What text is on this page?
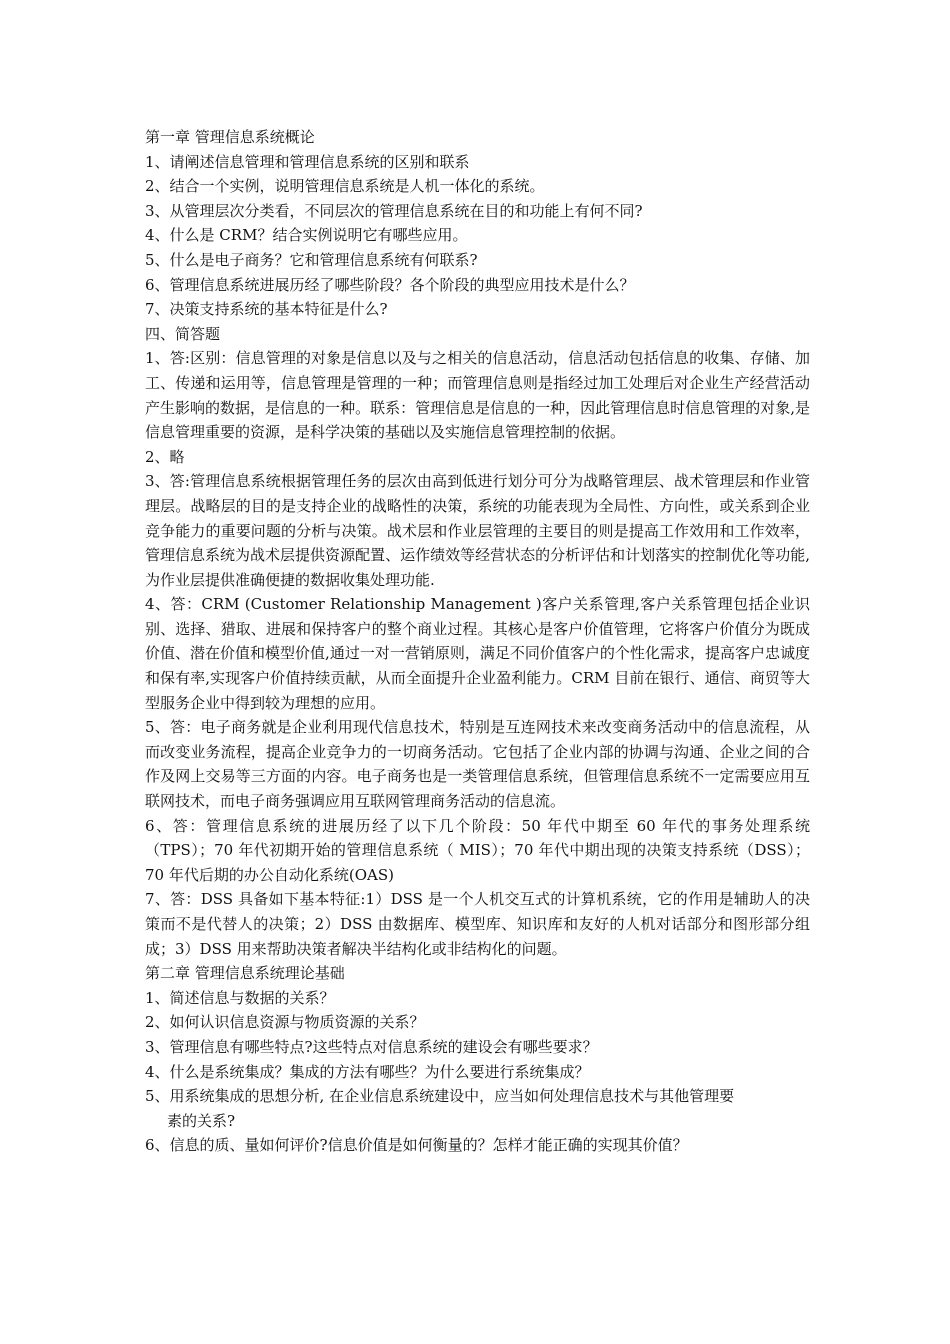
第一章 管理信息系统概论

1、请阐述信息管理和管理信息系统的区别和联系

2、结合一个实例，说明管理信息系统是人机一体化的系统。

3、从管理层次分类看，不同层次的管理信息系统在目的和功能上有何不同?

4、什么是 CRM？结合实例说明它有哪些应用。

5、什么是电子商务？它和管理信息系统有何联系?

6、管理信息系统进展历经了哪些阶段？各个阶段的典型应用技术是什么？

7、决策支持系统的基本特征是什么?

四、简答题

1、答:区别：信息管理的对象是信息以及与之相关的信息活动，信息活动包括信息的收集、存储、加工、传递和运用等，信息管理是管理的一种；而管理信息则是指经过加工处理后对企业生产经营活动产生影响的数据，是信息的一种。联系：管理信息是信息的一种，因此管理信息时信息管理的对象,是信息管理重要的资源，是科学决策的基础以及实施信息管理控制的依据。

2、略

3、答:管理信息系统根据管理任务的层次由高到低进行划分可分为战略管理层、战术管理层和作业管理层。战略层的目的是支持企业的战略性的决策，系统的功能表现为全局性、方向性，或关系到企业竞争能力的重要问题的分析与决策。战术层和作业层管理的主要目的则是提高工作效用和工作效率，管理信息系统为战术层提供资源配置、运作绩效等经营状态的分析评估和计划落实的控制优化等功能,为作业层提供准确便捷的数据收集处理功能.

4、答：CRM (Customer Relationship Management )客户关系管理,客户关系管理包括企业识别、选择、猎取、进展和保持客户的整个商业过程。其核心是客户价值管理，它将客户价值分为既成价值、潜在价值和模型价值,通过一对一营销原则，满足不同价值客户的个性化需求，提高客户忠诚度和保有率,实现客户价值持续贡献，从而全面提升企业盈利能力。CRM 目前在银行、通信、商贸等大型服务企业中得到较为理想的应用。

5、答：电子商务就是企业利用现代信息技术，特别是互连网技术来改变商务活动中的信息流程，从而改变业务流程，提高企业竞争力的一切商务活动。它包括了企业内部的协调与沟通、企业之间的合作及网上交易等三方面的内容。电子商务也是一类管理信息系统，但管理信息系统不一定需要应用互联网技术，而电子商务强调应用互联网管理商务活动的信息流。

6、答：管理信息系统的进展历经了以下几个阶段：50 年代中期至 60 年代的事务处理系统（TPS）；70 年代初期开始的管理信息系统（ MIS）；70 年代中期出现的决策支持系统（DSS）；70 年代后期的办公自动化系统(OAS)

7、答：DSS 具备如下基本特征:1）DSS 是一个人机交互式的计算机系统，它的作用是辅助人的决策而不是代替人的决策；2）DSS 由数据库、模型库、知识库和友好的人机对话部分和图形部分组成；3）DSS 用来帮助决策者解决半结构化或非结构化的问题。

第二章 管理信息系统理论基础

1、简述信息与数据的关系？

2、如何认识信息资源与物质资源的关系？

3、管理信息有哪些特点?这些特点对信息系统的建设会有哪些要求？

4、什么是系统集成？集成的方法有哪些？为什么要进行系统集成？

5、用系统集成的思想分析, 在企业信息系统建设中，应当如何处理信息技术与其他管理要

素的关系?

6、信息的质、量如何评价?信息价值是如何衡量的？怎样才能正确的实现其价值？
